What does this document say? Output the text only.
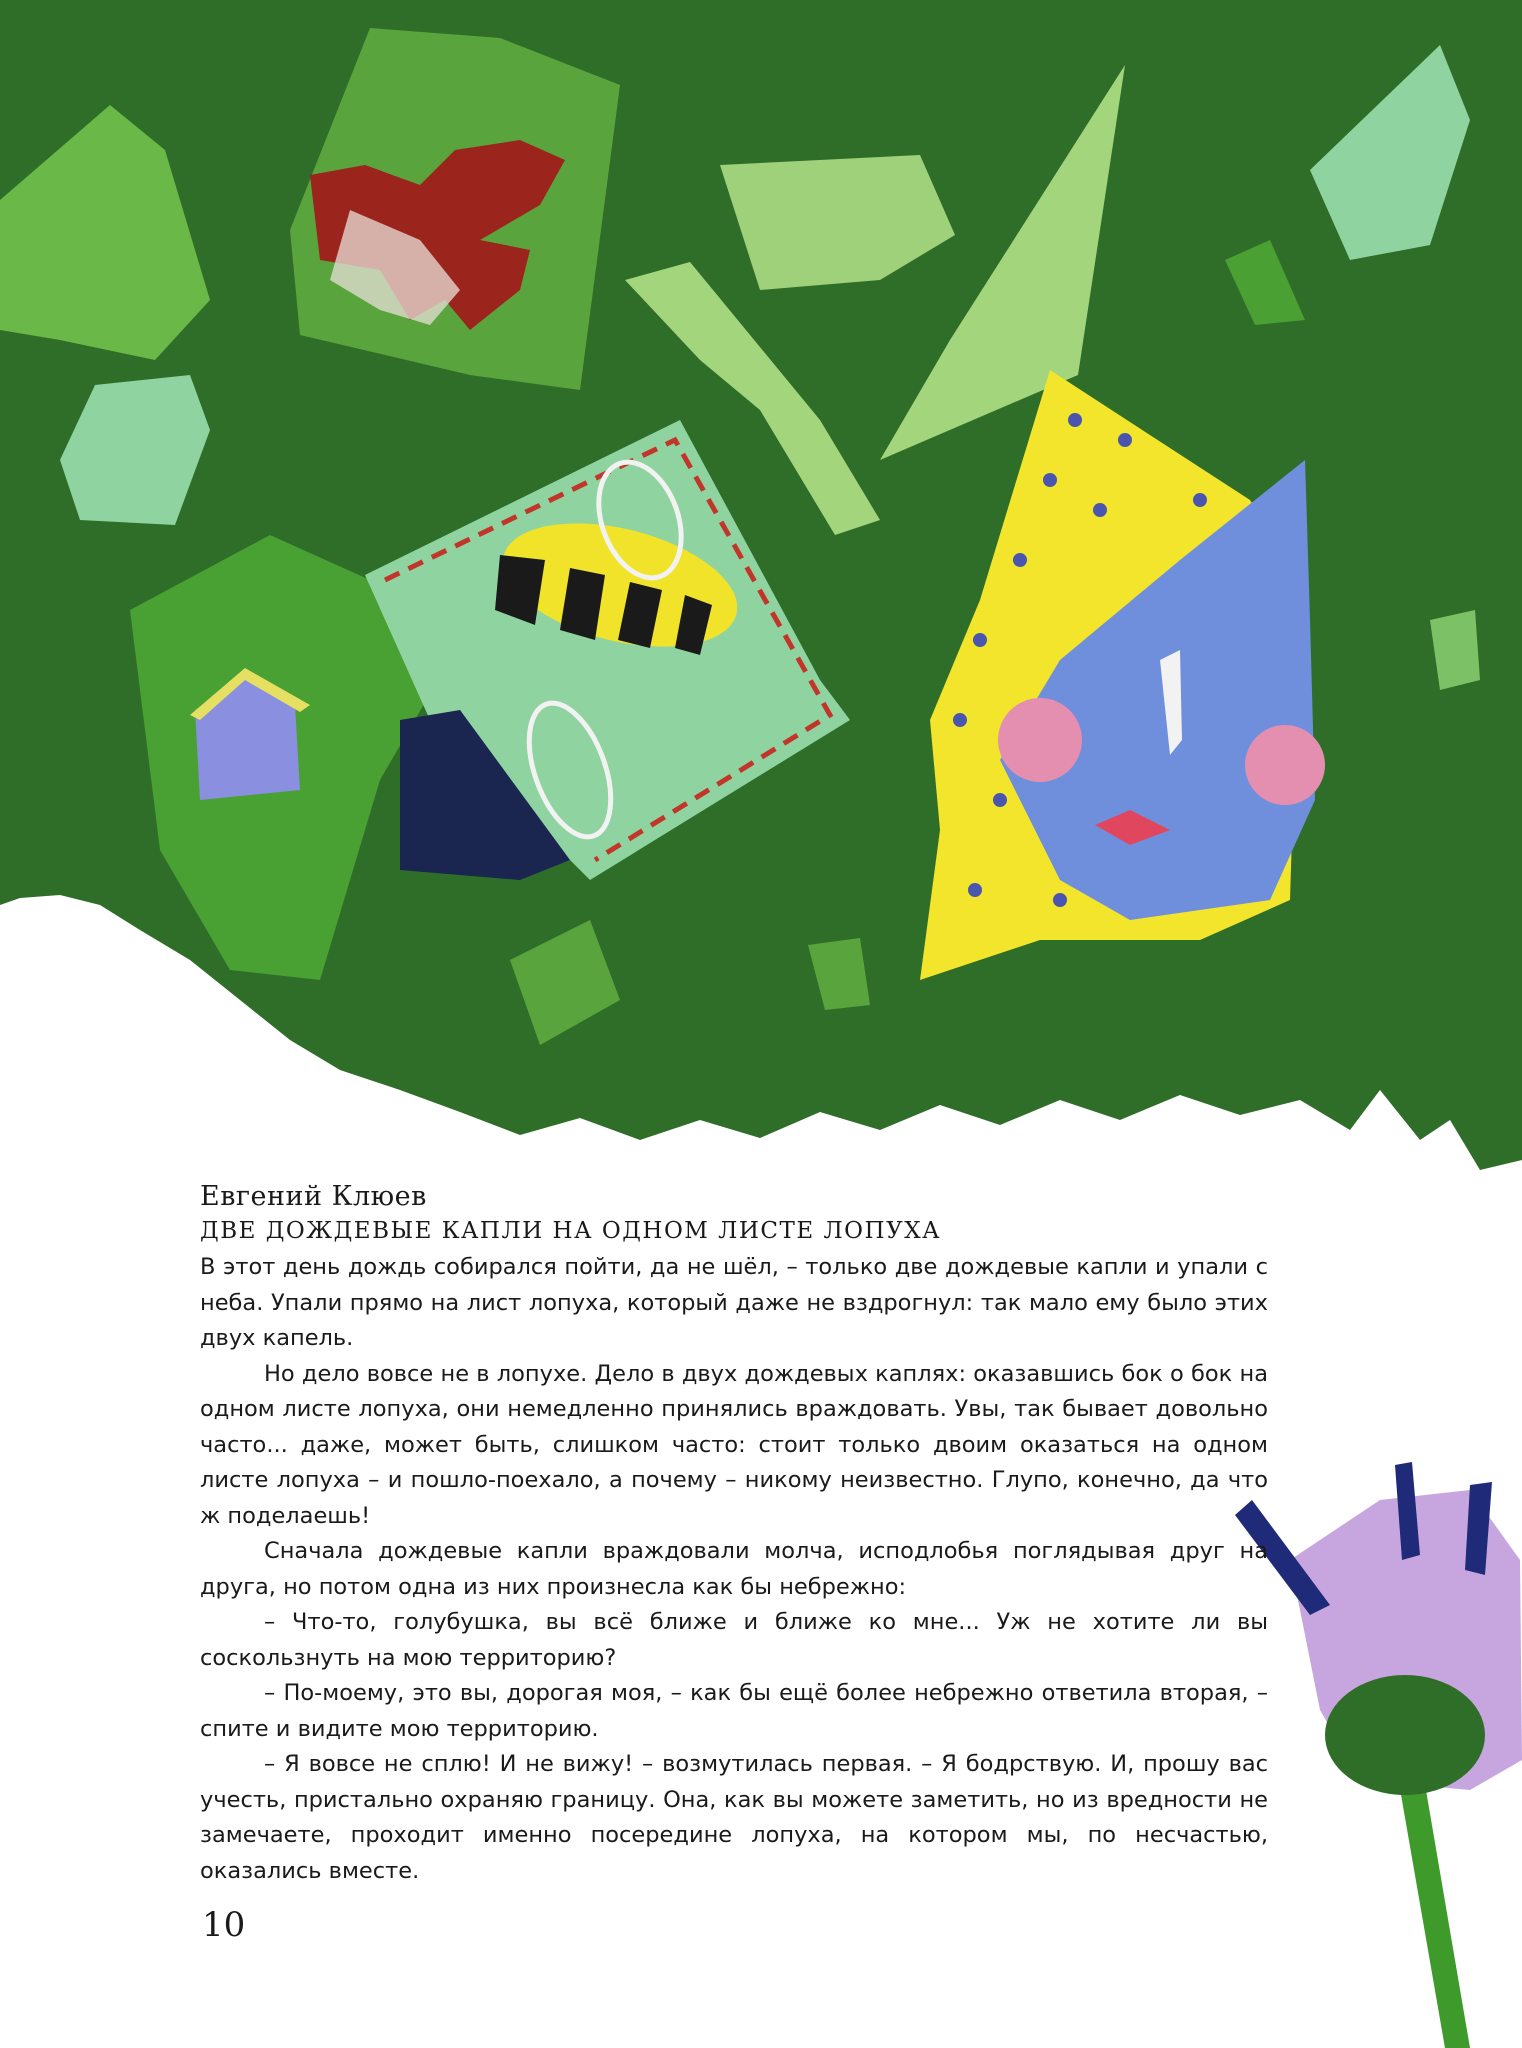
Евгений Клюев
ДВЕ ДОЖДЕВЫЕ КАПЛИ НА ОДНОМ ЛИСТЕ ЛОПУХА

В этот день дождь собирался пойти, да не шёл, – только две дождевые капли и упали с неба. Упали прямо на лист лопуха, который даже не вздрогнул: так мало ему было этих двух капель.

Но дело вовсе не в лопухе. Дело в двух дождевых каплях: оказавшись бок о бок на одном листе лопуха, они немедленно принялись враждовать. Увы, так бывает довольно часто... даже, может быть, слишком часто: стоит только двоим оказаться на одном листе лопуха – и пошло-поехало, а почему – никому неизвестно. Глупо, конечно, да что ж поделаешь!

Сначала дождевые капли враждовали молча, исподлобья поглядывая друг на друга, но потом одна из них произнесла как бы небрежно:

– Что-то, голубушка, вы всё ближе и ближе ко мне... Уж не хотите ли вы соскользнуть на мою территорию?

– По-моему, это вы, дорогая моя, – как бы ещё более небрежно ответила вторая, – спите и видите мою территорию.

– Я вовсе не сплю! И не вижу! – возмутилась первая. – Я бодрствую. И, прошу вас учесть, пристально охраняю границу. Она, как вы можете заметить, но из вредности не замечаете, проходит именно посередине лопуха, на котором мы, по несчастью, оказались вместе.

10
